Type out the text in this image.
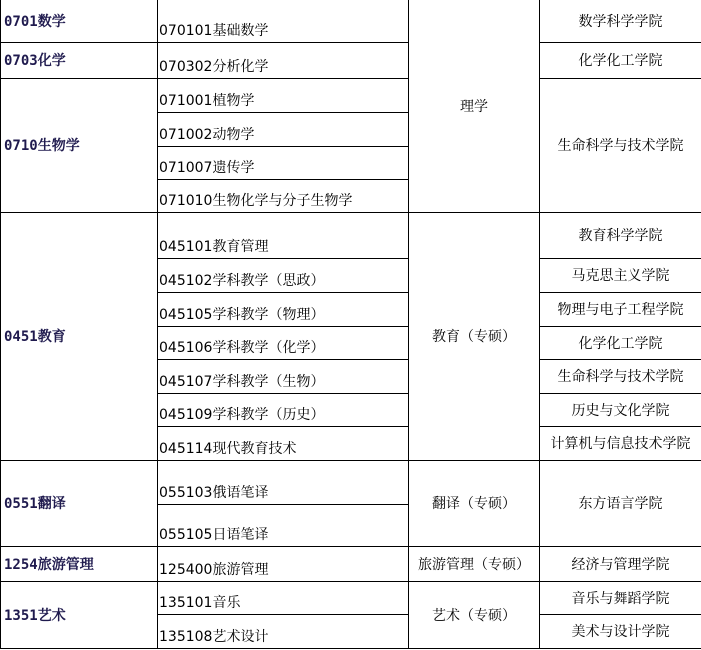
0701数学	070101基础数学	理学	数学科学学院
0703化学	070302分析化学		化学化工学院
0710生物学	071001植物学		生命科学与技术学院
	071002动物学		
	071007遗传学		
	071010生物化学与分子生物学		
0451教育	045101教育管理	教育（专硕）	教育科学学院
	045102学科教学（思政）		马克思主义学院
	045105学科教学（物理）		物理与电子工程学院
	045106学科教学（化学）		化学化工学院
	045107学科教学（生物）		生命科学与技术学院
	045109学科教学（历史）		历史与文化学院
	045114现代教育技术		计算机与信息技术学院
0551翻译	055103俄语笔译	翻译（专硕）	东方语言学院
	055105日语笔译		
1254旅游管理	125400旅游管理	旅游管理（专硕）	经济与管理学院
1351艺术	135101音乐	艺术（专硕）	音乐与舞蹈学院
	135108艺术设计		美术与设计学院
